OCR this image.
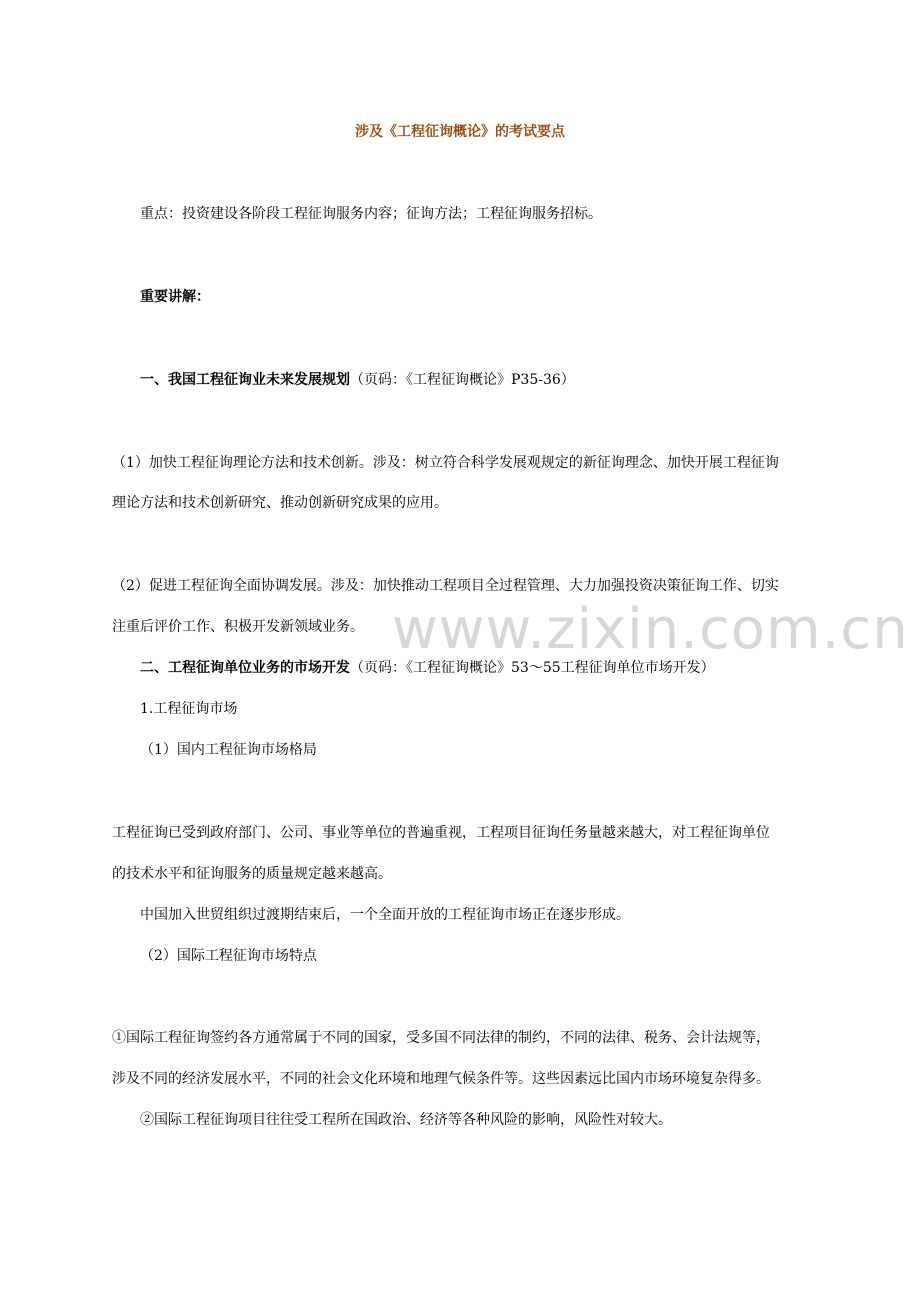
涉及《工程征询概论》的考试要点
重点：投资建设各阶段工程征询服务内容；征询方法；工程征询服务招标。
重要讲解：
一、我国工程征询业未来发展规划（页码：《工程征询概论》P35-36）
（1）加快工程征询理论方法和技术创新。涉及：树立符合科学发展观规定的新征询理念、加快开展工程征询
理论方法和技术创新研究、推动创新研究成果的应用。
（2）促进工程征询全面协调发展。涉及：加快推动工程项目全过程管理、大力加强投资决策征询工作、切实
注重后评价工作、积极开发新领域业务。
二、工程征询单位业务的市场开发（页码：《工程征询概论》53～55工程征询单位市场开发）
1.工程征询市场
（1）国内工程征询市场格局
工程征询已受到政府部门、公司、事业等单位的普遍重视，工程项目征询任务量越来越大，对工程征询单位
的技术水平和征询服务的质量规定越来越高。
中国加入世贸组织过渡期结束后，一个全面开放的工程征询市场正在逐步形成。
（2）国际工程征询市场特点
①国际工程征询签约各方通常属于不同的国家，受多国不同法律的制约，不同的法律、税务、会计法规等，
涉及不同的经济发展水平，不同的社会文化环境和地理气候条件等。这些因素远比国内市场环境复杂得多。
②国际工程征询项目往往受工程所在国政治、经济等各种风险的影响，风险性对较大。
www.zixin.com.cn
